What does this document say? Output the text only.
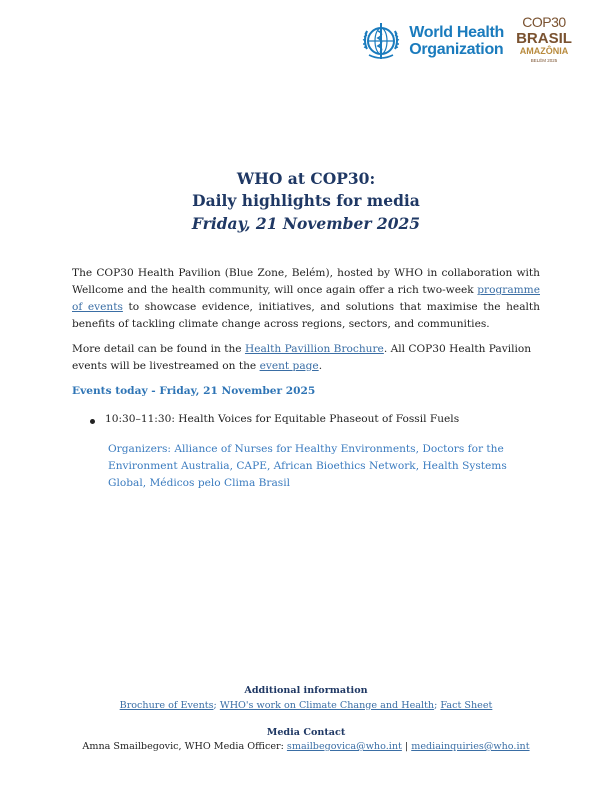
World Health
Organization
COP30
BRASIL
AMAZÔNIA
BELÉM 2025
WHO at COP30:
Daily highlights for media
Friday, 21 November 2025
The COP30 Health Pavilion (Blue Zone, Belém), hosted by WHO in collaboration with Wellcome and the health community, will once again offer a rich two-week programme of events to showcase evidence, initiatives, and solutions that maximise the health benefits of tackling climate change across regions, sectors, and communities.
More detail can be found in the Health Pavillion Brochure. All COP30 Health Pavilion events will be livestreamed on the event page.
Events today - Friday, 21 November 2025
10:30–11:30: Health Voices for Equitable Phaseout of Fossil Fuels
Organizers: Alliance of Nurses for Healthy Environments, Doctors for the Environment Australia, CAPE, African Bioethics Network, Health Systems Global, Médicos pelo Clima Brasil
Additional information
Brochure of Events; WHO's work on Climate Change and Health; Fact Sheet
Media Contact
Amna Smailbegovic, WHO Media Officer: smailbegovica@who.int | mediainquiries@who.int
